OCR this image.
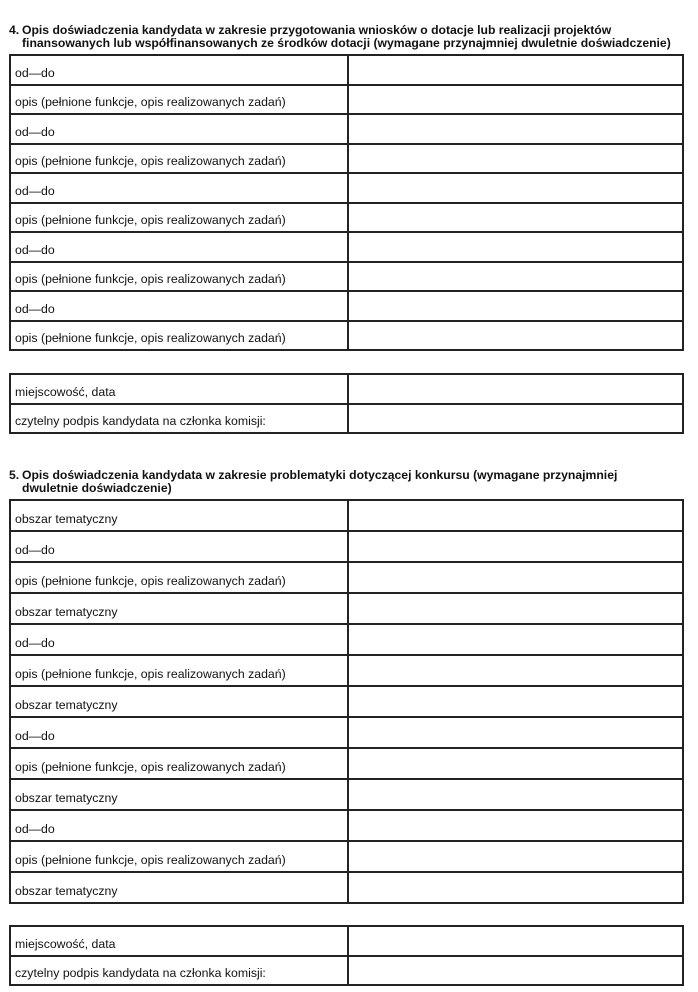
4. Opis doświadczenia kandydata w zakresie przygotowania wniosków o dotacje lub realizacji projektów
finansowanych lub współfinansowanych ze środków dotacji (wymagane przynajmniej dwuletnie doświadczenie)
od—do	
opis (pełnione funkcje, opis realizowanych zadań)	
od—do	
opis (pełnione funkcje, opis realizowanych zadań)	
od—do	
opis (pełnione funkcje, opis realizowanych zadań)	
od—do	
opis (pełnione funkcje, opis realizowanych zadań)	
od—do	
opis (pełnione funkcje, opis realizowanych zadań)	
miejscowość, data	
czytelny podpis kandydata na członka komisji:	
5. Opis doświadczenia kandydata w zakresie problematyki dotyczącej konkursu (wymagane przynajmniej
dwuletnie doświadczenie)
obszar tematyczny	
od—do	
opis (pełnione funkcje, opis realizowanych zadań)	
obszar tematyczny	
od—do	
opis (pełnione funkcje, opis realizowanych zadań)	
obszar tematyczny	
od—do	
opis (pełnione funkcje, opis realizowanych zadań)	
obszar tematyczny	
od—do	
opis (pełnione funkcje, opis realizowanych zadań)	
obszar tematyczny	
miejscowość, data	
czytelny podpis kandydata na członka komisji:	
